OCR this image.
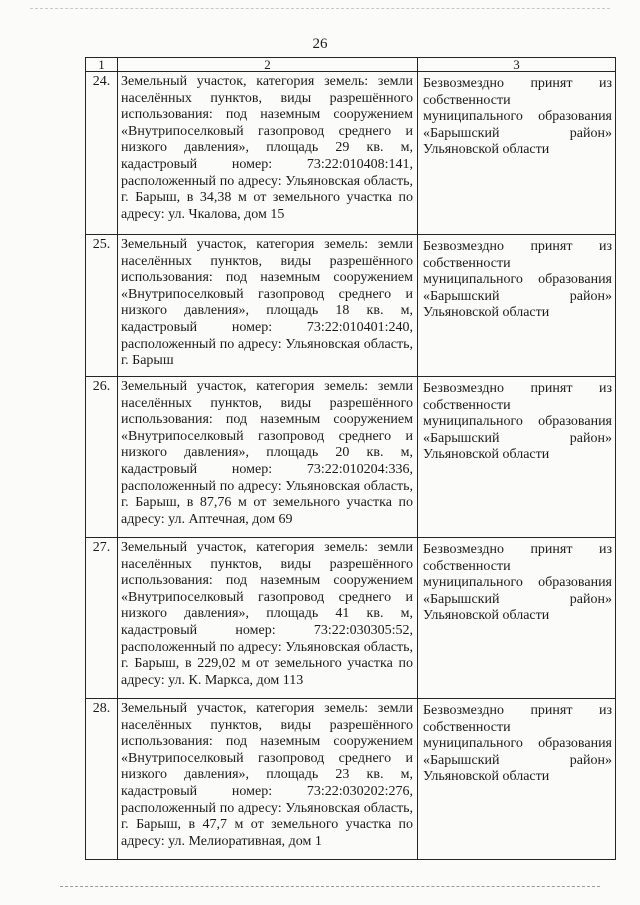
26
1	2	3
24.	Земельный участок, категория земель: земли населённых пунктов, виды разрешённого использования: под наземным сооружением «Внутрипоселковый газопровод среднего и низкого давления», площадь 29 кв. м, кадастровый номер: 73:22:010408:141, расположенный по адресу: Ульяновская область, г. Барыш, в 34,38 м от земельного участка по адресу: ул. Чкалова, дом 15	Безвозмездно принят из собственности муниципального образования «Барышский район» Ульяновской области
25.	Земельный участок, категория земель: земли населённых пунктов, виды разрешённого использования: под наземным сооружением «Внутрипоселковый газопровод среднего и низкого давления», площадь 18 кв. м, кадастровый номер: 73:22:010401:240, расположенный по адресу: Ульяновская область, г. Барыш	Безвозмездно принят из собственности муниципального образования «Барышский район» Ульяновской области
26.	Земельный участок, категория земель: земли населённых пунктов, виды разрешённого использования: под наземным сооружением «Внутрипоселковый газопровод среднего и низкого давления», площадь 20 кв. м, кадастровый номер: 73:22:010204:336, расположенный по адресу: Ульяновская область, г. Барыш, в 87,76 м от земельного участка по адресу: ул. Аптечная, дом 69	Безвозмездно принят из собственности муниципального образования «Барышский район» Ульяновской области
27.	Земельный участок, категория земель: земли населённых пунктов, виды разрешённого использования: под наземным сооружением «Внутрипоселковый газопровод среднего и низкого давления», площадь 41 кв. м, кадастровый номер: 73:22:030305:52, расположенный по адресу: Ульяновская область, г. Барыш, в 229,02 м от земельного участка по адресу: ул. К. Маркса, дом 113	Безвозмездно принят из собственности муниципального образования «Барышский район» Ульяновской области
28.	Земельный участок, категория земель: земли населённых пунктов, виды разрешённого использования: под наземным сооружением «Внутрипоселковый газопровод среднего и низкого давления», площадь 23 кв. м, кадастровый номер: 73:22:030202:276, расположенный по адресу: Ульяновская область, г. Барыш, в 47,7 м от земельного участка по адресу: ул. Мелиоративная, дом 1	Безвозмездно принят из собственности муниципального образования «Барышский район» Ульяновской области
